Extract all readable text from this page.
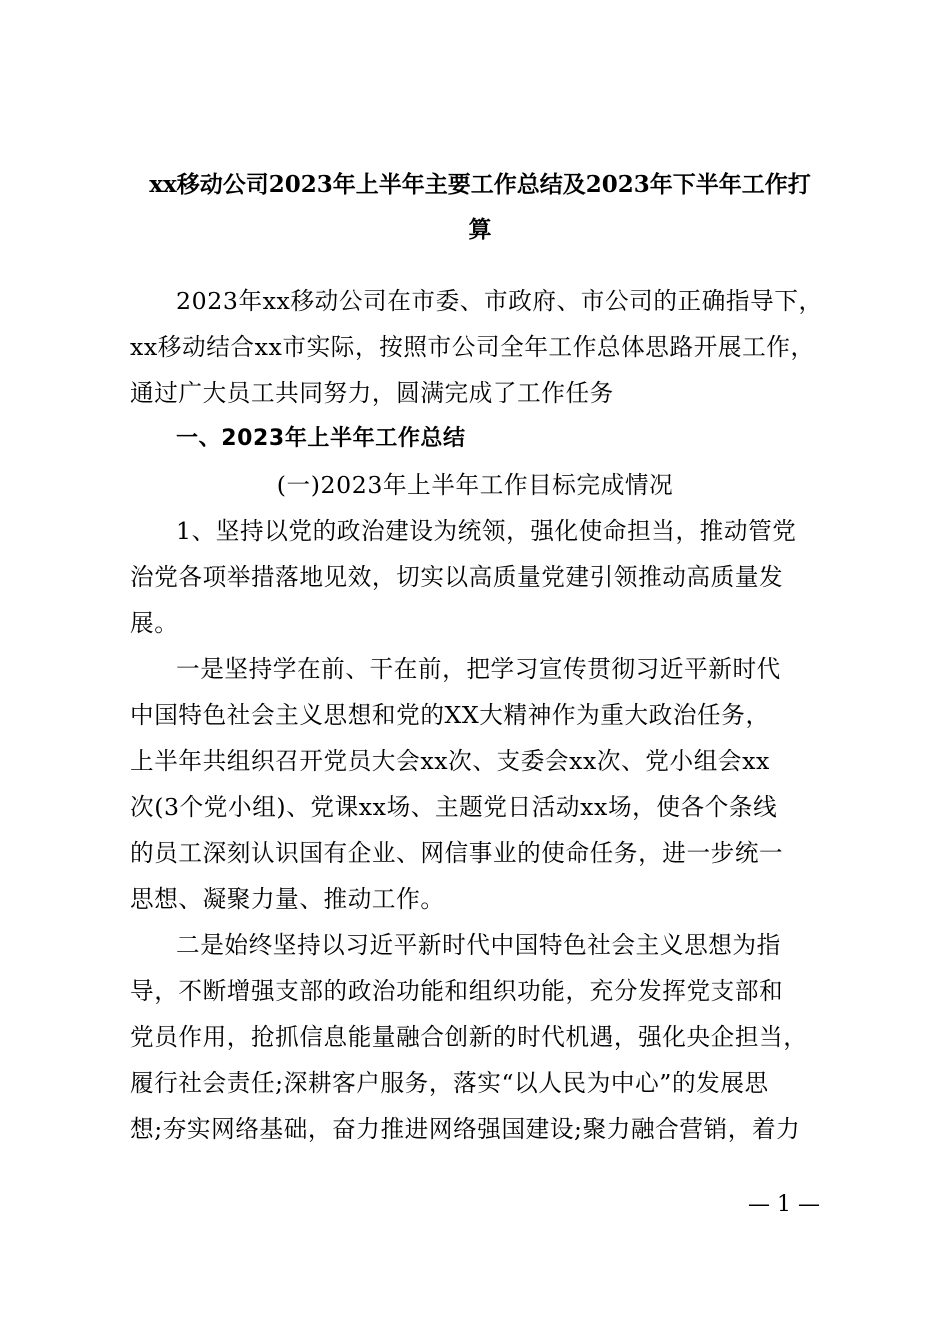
xx移动公司2023年上半年主要工作总结及2023年下半年工作打
算
2023年xx移动公司在市委、市政府、市公司的正确指导下，
xx移动结合xx市实际，按照市公司全年工作总体思路开展工作，
通过广大员工共同努力，圆满完成了工作任务
一、2023年上半年工作总结
(一)2023年上半年工作目标完成情况
1、坚持以党的政治建设为统领，强化使命担当，推动管党
治党各项举措落地见效，切实以高质量党建引领推动高质量发
展。
一是坚持学在前、干在前，把学习宣传贯彻习近平新时代
中国特色社会主义思想和党的XX大精神作为重大政治任务，
上半年共组织召开党员大会xx次、支委会xx次、党小组会xx
次(3个党小组)、党课xx场、主题党日活动xx场，使各个条线
的员工深刻认识国有企业、网信事业的使命任务，进一步统一
思想、凝聚力量、推动工作。
二是始终坚持以习近平新时代中国特色社会主义思想为指
导，不断增强支部的政治功能和组织功能，充分发挥党支部和
党员作用，抢抓信息能量融合创新的时代机遇，强化央企担当，
履行社会责任;深耕客户服务，落实“以人民为中心”的发展思
想;夯实网络基础，奋力推进网络强国建设;聚力融合营销，着力
— 1 —
